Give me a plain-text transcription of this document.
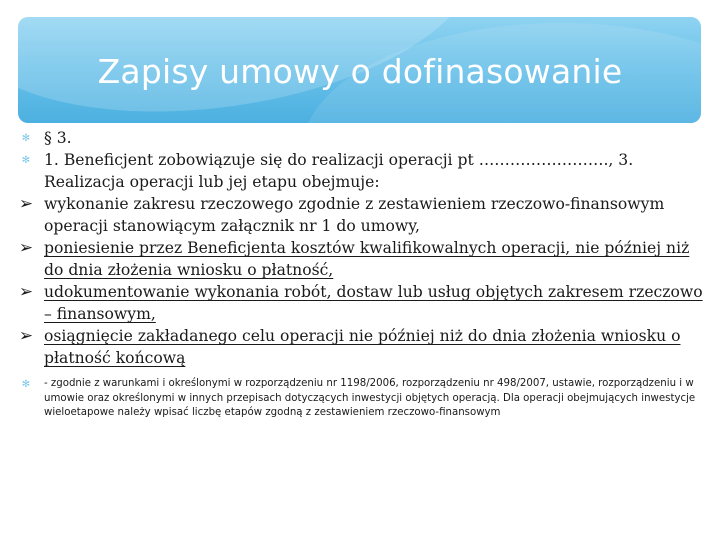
Zapisy umowy o dofinasowanie

✻ § 3.

✻ 1. Beneficjent zobowiązuje się do realizacji operacji pt ……………………., 3. Realizacja operacji lub jej etapu obejmuje:

➢ wykonanie zakresu rzeczowego zgodnie z zestawieniem rzeczowo-finansowym operacji stanowiącym załącznik nr 1 do umowy,

➢ poniesienie przez Beneficjenta kosztów kwalifikowalnych operacji, nie później niż do dnia złożenia wniosku o płatność,

➢ udokumentowanie wykonania robót, dostaw lub usług objętych zakresem rzeczowo – finansowym,

➢ osiągnięcie zakładanego celu operacji nie później niż do dnia złożenia wniosku o płatność końcową

✻	- zgodnie z warunkami i określonymi w rozporządzeniu nr 1198/2006, rozporządzeniu nr 498/2007, ustawie, rozporządzeniu i w umowie oraz określonymi w innych przepisach dotyczących inwestycji objętych operacją. Dla operacji obejmujących inwestycje wieloetapowe należy wpisać liczbę etapów zgodną z zestawieniem rzeczowo-finansowym
